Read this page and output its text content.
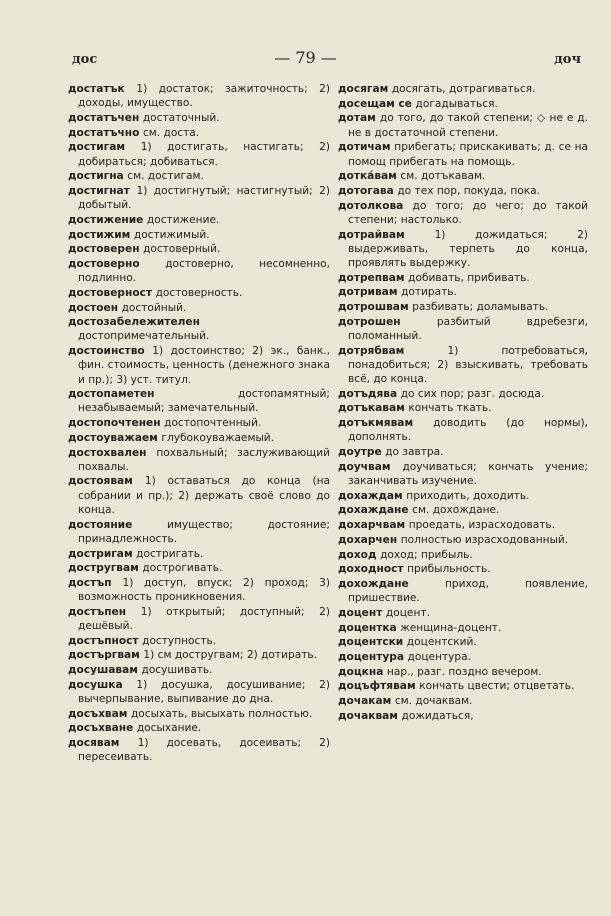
дос	— 79 —	доч

достатък 1) достаток; зажиточность; 2) доходы, имущество.

достатъчен достаточный.

достатъчно см. доста.

достигам 1) достигать, настигать; 2) добираться; добиваться.

достигна см. достигам.

достигнат 1) достигнутый; настигнутый; 2) добытый.

достижение достижение.

достижим достижимый.

достоверен достоверный.

достоверно достоверно, несомненно, подлинно.

достоверност достоверность.

достоен достойный.

достозабележителен достопримечательный.

достоинство 1) достоинство; 2) эк., банк., фин. стоимость, ценность (денежного знака и пр.); 3) уст. титул.

достопаметен	достопамятный; незабываемый; замечательный.

достопочтенен достопочтенный.

достоуважаем глубокоуважаемый.

достохвален похвальный; заслуживающий похвалы.

достоявам 1) оставаться до конца (на собрании и пр.); 2) держать своё слово до конца.

достояние	имущество; достояние; принадлежность.

достригам достригать.

достругвам дострогивать.

достъп 1) доступ, впуск; 2) проход; 3) возможность проникновения.

достъпен 1) открытый; доступный; 2) дешёвый.

достъпност доступность.

достъргвам 1) см достругвам; 2) дотирать.

досушавам досушивать.

досушка 1) досушка, досушивание; 2) вычерпывание, выпивание до дна.

досъхвам досыхать, высыхать полностью.

досъхване досыхание.

досявам 1) досевать, досеивать; 2) пересеивать.

досягам досягать, дотрагиваться.

досещам се догадываться.

дотам до того, до такой степени; ◇ не е д. не в достаточной степени.

дотичам прибегать; прискакивать; д. се на помощ прибегать на помощь.

дотка́вам см. дотъкавам.

дотогава до тех пор, покуда, пока.

дотолкова до того; до чего; до такой степени; настолько.

дотрайвам	1) дожидаться; 2) выдерживать, терпеть до конца, проявлять выдержку.

дотрепвам добивать, прибивать.

дотривам дотирать.

дотрошвам разбивать; доламывать.

дотрошен	разбитый вдребезги, поломанный.

дотрябвам	1) потребоваться, понадобиться; 2) взыскивать, требовать всё, до конца.

дотъдява до сих пор; разг. досюда.

дотъкавам кончать ткать.

дотъкмявам доводить (до нормы), дополнять.

доутре до завтра.

доучвам доучиваться; кончать учение; заканчивать изучение.

дохаждам приходить, доходить.

дохаждане см. дохождане.

дохарчвам проедать, израсходовать.

дохарчен полностью израсходованный.

доход доход; прибыль.

доходност прибыльность.

дохождане	приход, появление, пришествие.

доцент доцент.

доцентка женщина-доцент.

доцентски доцентский.

доцентура доцентура.

доцкна нар., разг. поздно вечером.

доцъфтявам кончать цвести; отцветать.

дочакам см. дочаквам.

дочаквам дожидаться,
